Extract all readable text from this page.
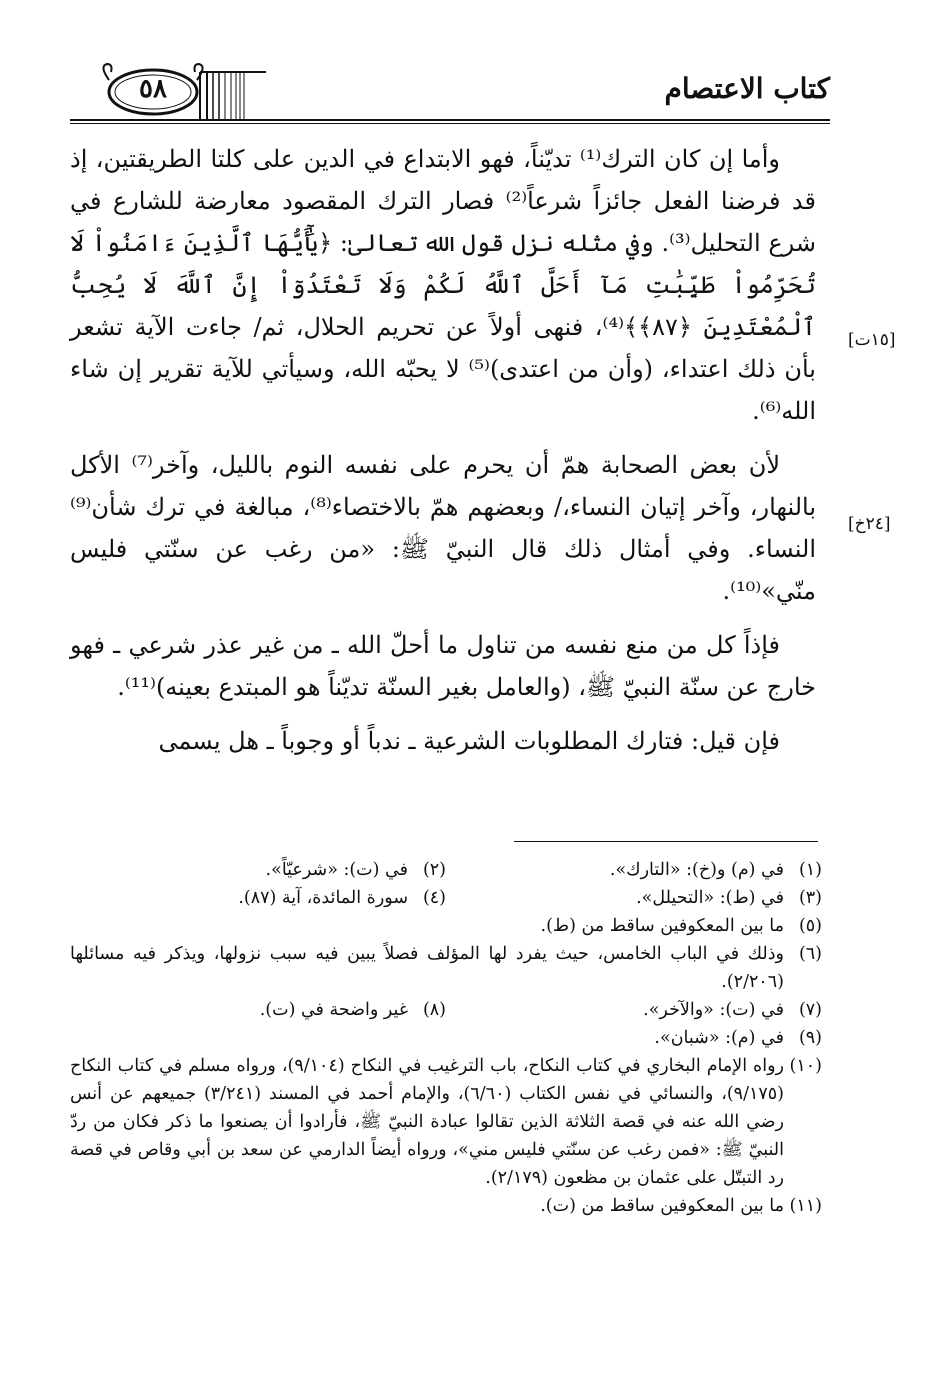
٥٨	كتاب الاعتصام
[١٥ت]
[٢٤خ]

وأما إن كان الترك⁽¹⁾ تديّناً، فهو الابتداع في الدين على كلتا الطريقتين، إذ قد فرضنا الفعل جائزاً شرعاً⁽²⁾ فصار الترك المقصود معارضة للشارع في شرع التحليل⁽³⁾. وفي مثله نزل قول الله تعالىٰ: ﴿يَٰٓأَيُّهَا ٱلَّذِينَ ءَامَنُواْ لَا تُحَرِّمُواْ طَيِّبَٰتِ مَآ أَحَلَّ ٱللَّهُ لَكُمْ وَلَا تَعْتَدُوٓاْ إِنَّ ٱللَّهَ لَا يُحِبُّ ٱلْمُعْتَدِينَ ﴿٨٧﴾﴾⁽⁴⁾، فنهى أولاً عن تحريم الحلال، ثم/ جاءت الآية تشعر بأن ذلك اعتداء، (وأن من اعتدى)⁽⁵⁾ لا يحبّه الله، وسيأتي للآية تقرير إن شاء الله⁽⁶⁾.

لأن بعض الصحابة همّ أن يحرم على نفسه النوم بالليل، وآخر⁽⁷⁾ الأكل بالنهار، وآخر إتيان النساء،/ وبعضهم همّ بالاختصاء⁽⁸⁾، مبالغة في ترك شأن⁽⁹⁾ النساء. وفي أمثال ذلك قال النبيّ ﷺ: «من رغب عن سنّتي فليس منّي»⁽¹⁰⁾.

فإذاً كل من منع نفسه من تناول ما أحلّ الله ـ من غير عذر شرعي ـ فهو خارج عن سنّة النبيّ ﷺ، (والعامل بغير السنّة تديّناً هو المبتدع بعينه)⁽¹¹⁾.

فإن قيل: فتارك المطلوبات الشرعية ـ ندباً أو وجوباً ـ هل يسمى

(١)
في (م) و(خ): «التارك».
(٢)
في (ت): «شرعيّاً».
(٣)
في (ط): «التحيلل».
(٤)
سورة المائدة، آية (٨٧).
(٥)
ما بين المعكوفين ساقط من (ط).
(٦)
وذلك في الباب الخامس، حيث يفرد لها المؤلف فصلاً يبين فيه سبب نزولها، ويذكر فيه مسائلها (٢/٢٠٦).
(٧)
في (ت): «والآخر».
(٨)
غير واضحة في (ت).
(٩)
في (م): «شبان».
(١٠)
رواه الإمام البخاري في كتاب النكاح، باب الترغيب في النكاح (٩/١٠٤)، ورواه مسلم في كتاب النكاح (٩/١٧٥)، والنسائي في نفس الكتاب (٦/٦٠)، والإمام أحمد في المسند (٣/٢٤١) جميعهم عن أنس رضي الله عنه في قصة الثلاثة الذين تقالوا عبادة النبيّ ﷺ، فأرادوا أن يصنعوا ما ذكر فكان من ردّ النبيّ ﷺ: «فمن رغب عن سنّتي فليس مني»، ورواه أيضاً الدارمي عن سعد بن أبي وقاص في قصة رد التبتّل على عثمان بن مظعون (٢/١٧٩).
(١١)
ما بين المعكوفين ساقط من (ت).
